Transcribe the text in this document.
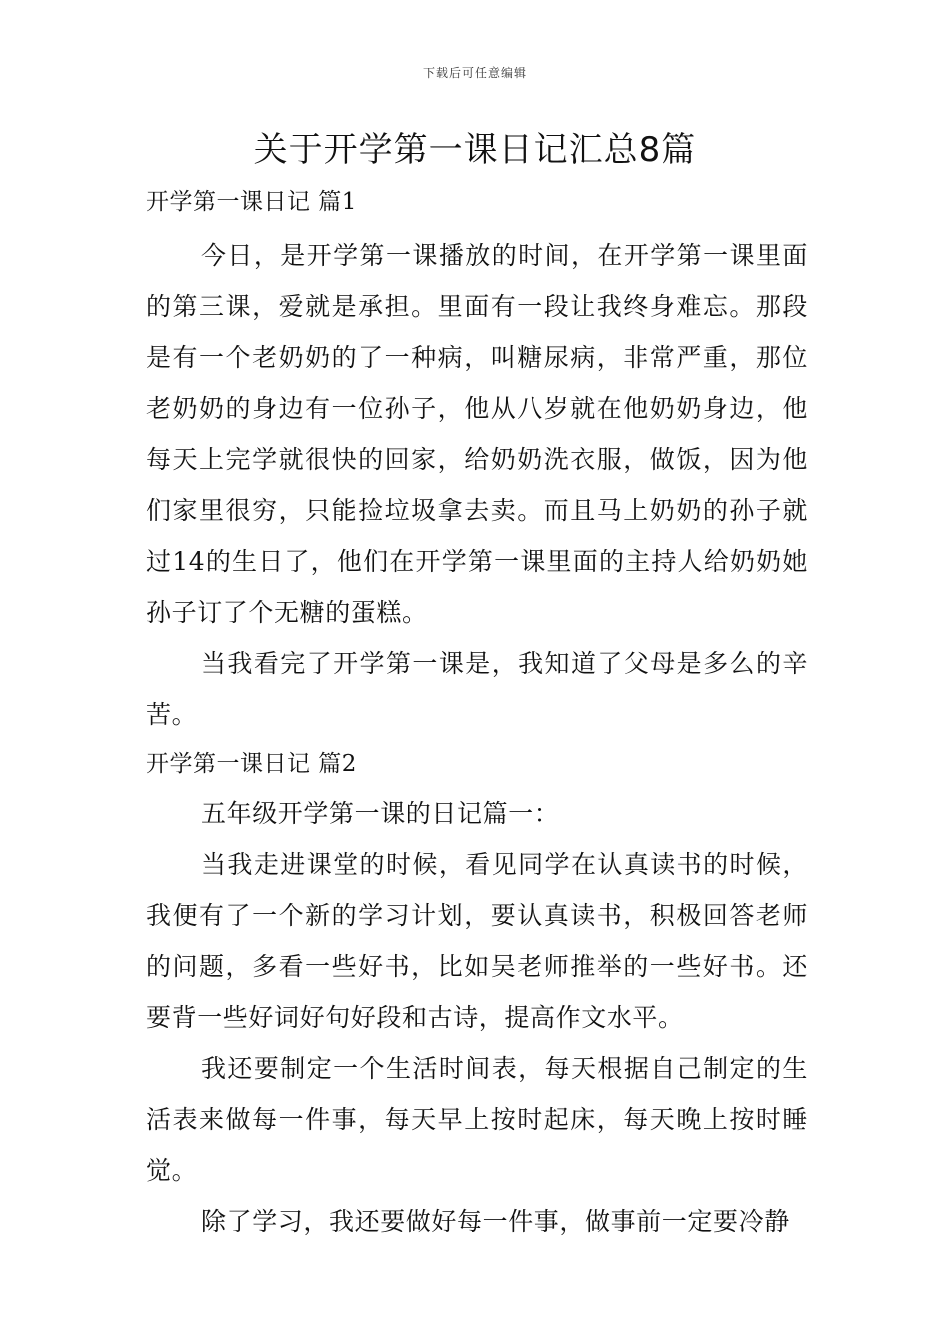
下载后可任意编辑
关于开学第一课日记汇总8篇

开学第一课日记 篇1

今日，是开学第一课播放的时间，在开学第一课里面的第三课，爱就是承担。里面有一段让我终身难忘。那段是有一个老奶奶的了一种病，叫糖尿病，非常严重，那位老奶奶的身边有一位孙子，他从八岁就在他奶奶身边，他每天上完学就很快的回家，给奶奶洗衣服，做饭，因为他们家里很穷，只能捡垃圾拿去卖。而且马上奶奶的孙子就过14的生日了，他们在开学第一课里面的主持人给奶奶她孙子订了个无糖的蛋糕。

当我看完了开学第一课是，我知道了父母是多么的辛苦。

开学第一课日记 篇2

五年级开学第一课的日记篇一：

当我走进课堂的时候，看见同学在认真读书的时候，我便有了一个新的学习计划，要认真读书，积极回答老师的问题，多看一些好书，比如吴老师推举的一些好书。还要背一些好词好句好段和古诗，提高作文水平。

我还要制定一个生活时间表，每天根据自己制定的生活表来做每一件事，每天早上按时起床，每天晚上按时睡觉。

除了学习，我还要做好每一件事，做事前一定要冷静
